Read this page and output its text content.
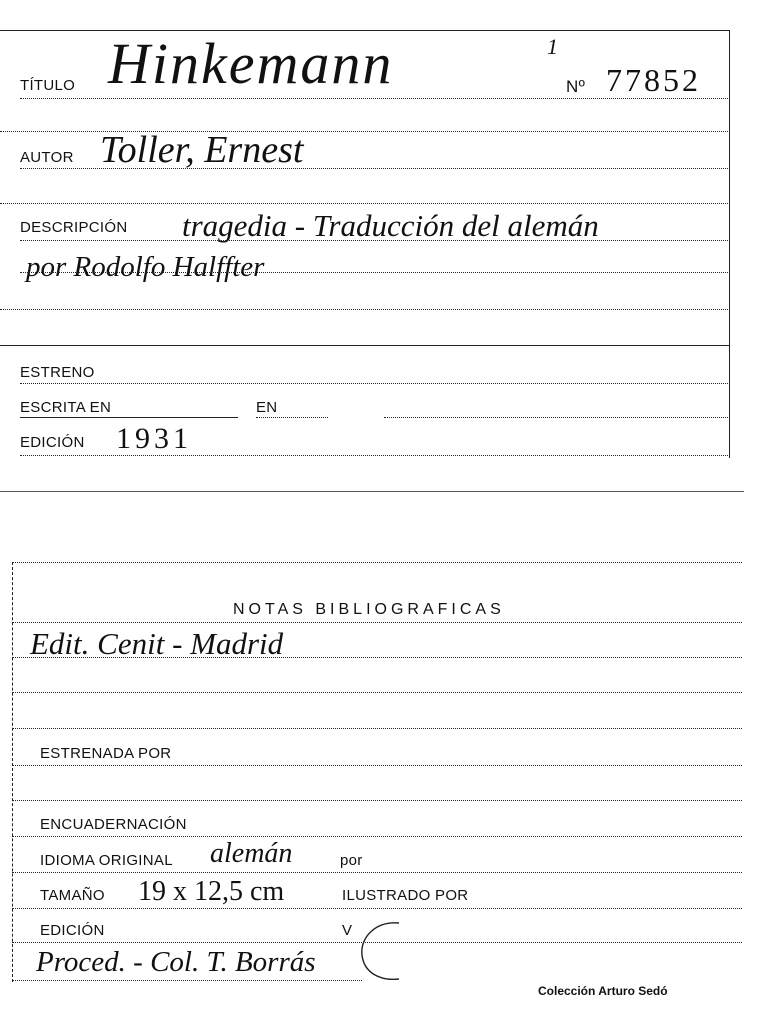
TÍTULO Hinkemann	1
Nº 77852
AUTOR Toller, Ernest
DESCRIPCIÓN tragedia - Traducción del alemán
por Rodolfo Halffter
ESTRENO
ESCRITA EN	EN
EDICIÓN 1931
NOTAS BIBLIOGRAFICAS
Edit. Cenit - Madrid
ESTRENADA POR
ENCUADERNACIÓN
IDIOMA ORIGINAL alemán	por
TAMAÑO 19 x 12,5 cm	ILUSTRADO POR
EDICIÓN	V
Proced. - Col. T. Borrás
Colección Arturo Sedó
